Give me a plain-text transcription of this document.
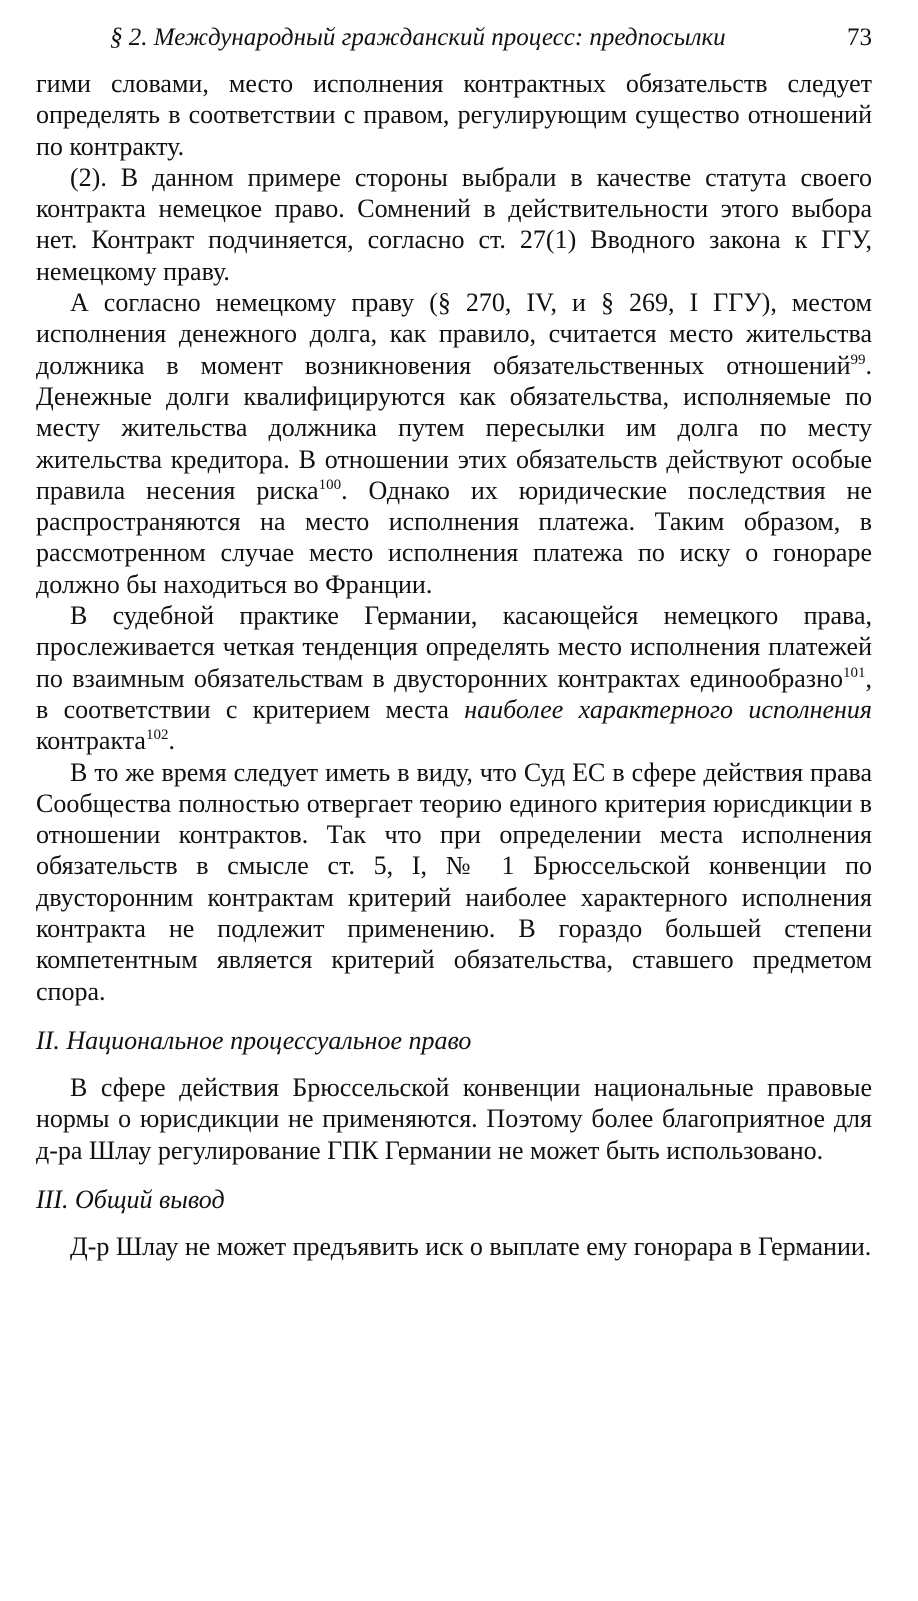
§ 2. Международный гражданский процесс: предпосылки	73

гими словами, место исполнения контрактных обязательств следует определять в соответствии с правом, регулирующим существо отношений по контракту.

(2). В данном примере стороны выбрали в качестве статута своего контракта немецкое право. Сомнений в действительности этого выбора нет. Контракт подчиняется, согласно ст. 27(1) Вводного закона к ГГУ, немецкому праву.

А согласно немецкому праву (§ 270, IV, и § 269, I ГГУ), местом исполнения денежного долга, как правило, считается место жительства должника в момент возникновения обязательственных отношений$^{99}$. Денежные долги квалифицируются как обязательства, исполняемые по месту жительства должника путем пересылки им долга по месту жительства кредитора. В отношении этих обязательств действуют особые правила несения риска$^{100}$. Однако их юридические последствия не распространяются на место исполнения платежа. Таким образом, в рассмотренном случае место исполнения платежа по иску о гонораре должно бы находиться во Франции.

В судебной практике Германии, касающейся немецкого права, прослеживается четкая тенденция определять место исполнения платежей по взаимным обязательствам в двусторонних контрактах единообразно$^{101}$, в соответствии с критерием места наиболее характерного исполнения контракта$^{102}$.

В то же время следует иметь в виду, что Суд ЕС в сфере действия права Сообщества полностью отвергает теорию единого критерия юрисдикции в отношении контрактов. Так что при определении места исполнения обязательств в смысле ст. 5, I, № 1 Брюссельской конвенции по двусторонним контрактам критерий наиболее характерного исполнения контракта не подлежит применению. В гораздо большей степени компетентным является критерий обязательства, ставшего предметом спора.

II. Национальное процессуальное право

В сфере действия Брюссельской конвенции национальные правовые нормы о юрисдикции не применяются. Поэтому более благоприятное для д-ра Шлау регулирование ГПК Германии не может быть использовано.

III. Общий вывод

Д-р Шлау не может предъявить иск о выплате ему гонорара в Германии.
